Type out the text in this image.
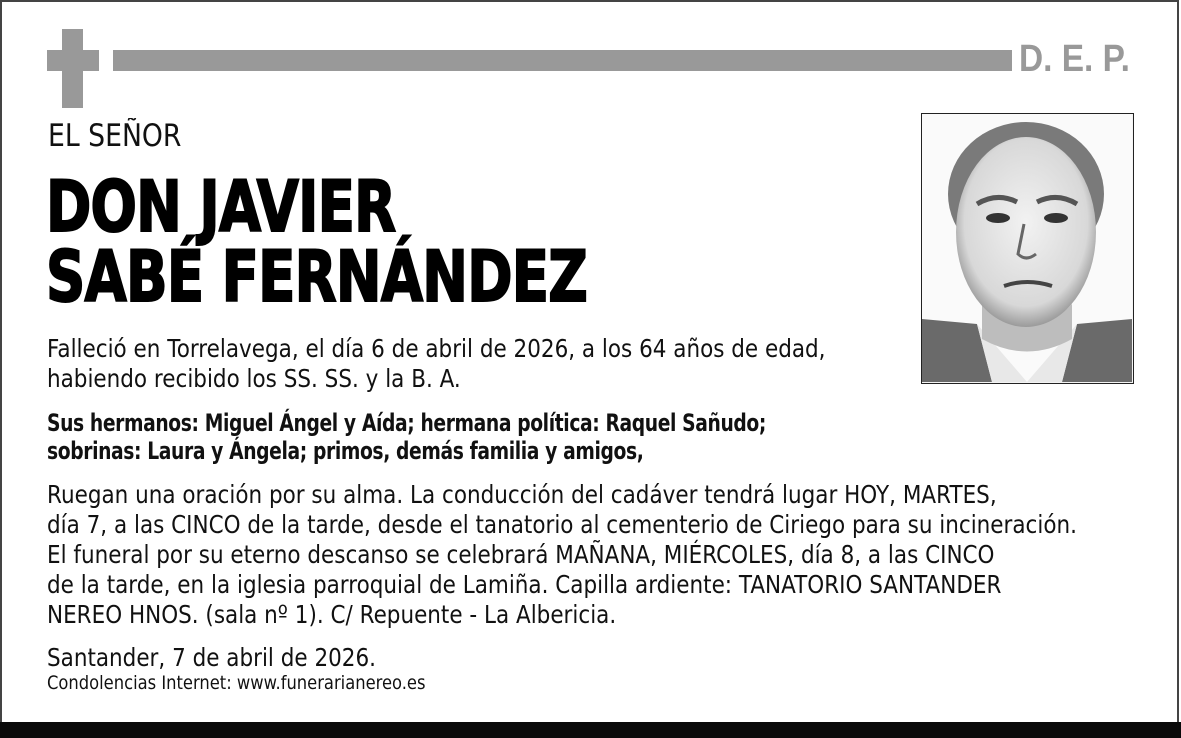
D. E. P.
EL SEÑOR
DON JAVIER
SABÉ FERNÁNDEZ
Falleció en Torrelavega, el día 6 de abril de 2026, a los 64 años de edad,
habiendo recibido los SS. SS. y la B. A.
Sus hermanos: Miguel Ángel y Aída; hermana política: Raquel Sañudo;
sobrinas: Laura y Ángela; primos, demás familia y amigos,
Ruegan una oración por su alma. La conducción del cadáver tendrá lugar HOY, MARTES,
día 7, a las CINCO de la tarde, desde el tanatorio al cementerio de Ciriego para su incineración.
El funeral por su eterno descanso se celebrará MAÑANA, MIÉRCOLES, día 8, a las CINCO
de la tarde, en la iglesia parroquial de Lamiña. Capilla ardiente: TANATORIO SANTANDER
NEREO HNOS. (sala nº 1). C/ Repuente - La Albericia.
Santander, 7 de abril de 2026.
Condolencias Internet: www.funerarianereo.es
